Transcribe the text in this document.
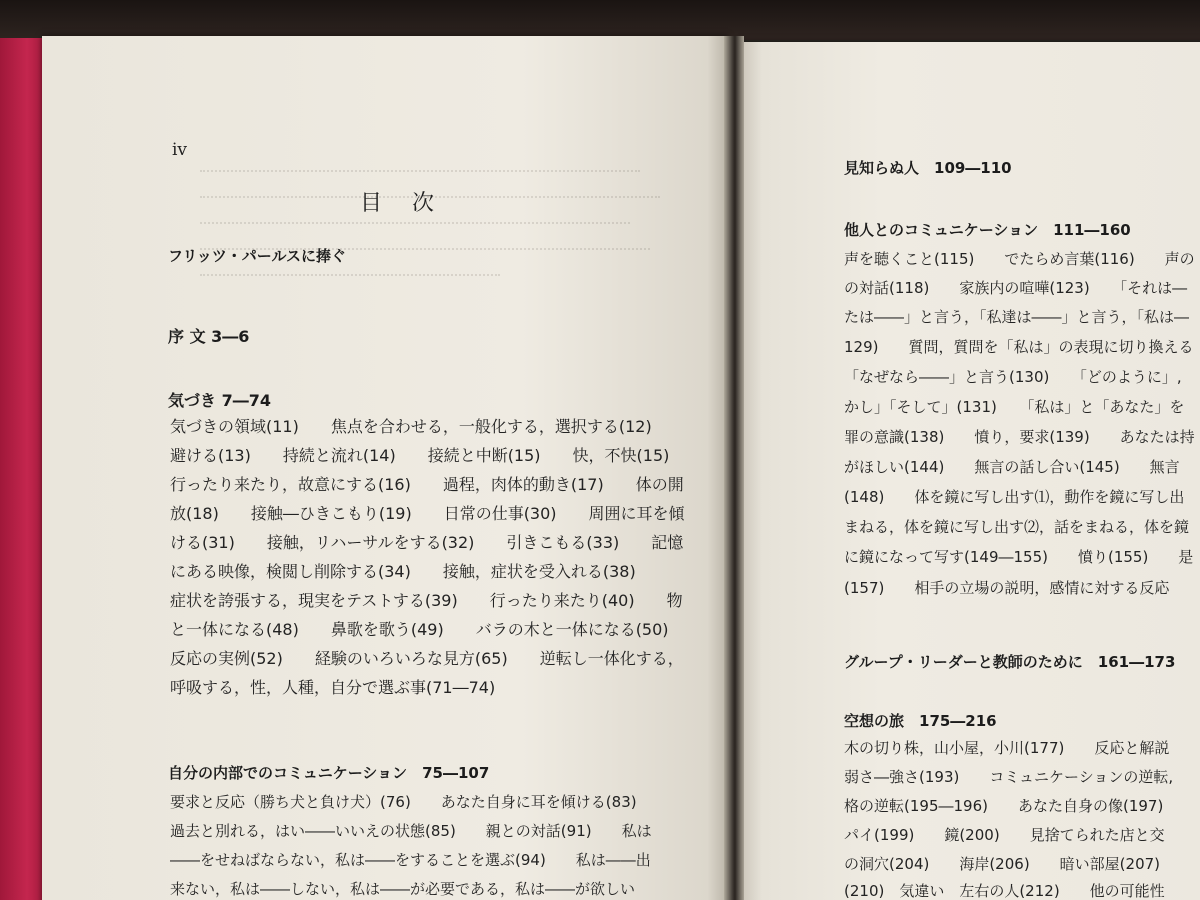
iv
目次
フリッツ・パールスに捧ぐ
序 文 3―6
気づき 7―74
気づきの領域(11)　　焦点を合わせる，一般化する，選択する(12)
避ける(13)　　持続と流れ(14)　　接続と中断(15)　　快，不快(15)
行ったり来たり，故意にする(16)　　過程，肉体的動き(17)　　体の開
放(18)　　接触―ひきこもり(19)　　日常の仕事(30)　　周囲に耳を傾
ける(31)　　接触，リハーサルをする(32)　　引きこもる(33)　　記憶
にある映像，検閲し削除する(34)　　接触，症状を受入れる(38)
症状を誇張する，現実をテストする(39)　　行ったり来たり(40)　　物
と一体になる(48)　　鼻歌を歌う(49)　　バラの木と一体になる(50)
反応の実例(52)　　経験のいろいろな見方(65)　　逆転し一体化する，
呼吸する，性，人種，自分で選ぶ事(71―74)
自分の内部でのコミュニケーション　75―107
要求と反応（勝ち犬と負け犬）(76)　　あなた自身に耳を傾ける(83)
過去と別れる，はい――いいえの状態(85)　　親との対話(91)　　私は
――をせねばならない，私は――をすることを選ぶ(94)　　私は――出
来ない，私は――しない，私は――が必要である，私は――が欲しい
見知らぬ人　109―110
他人とのコミュニケーション　111―160
声を聴くこと(115)　　でたらめ言葉(116)　　声の
の対話(118)　　家族内の喧嘩(123)　　「それは―
たは――」と言う，「私達は――」と言う，「私は―
129)　　質問，質問を「私は」の表現に切り換える
「なぜなら――」と言う(130)　　「どのように」,
かし」「そして」(131)　　「私は」と「あなた」を
罪の意識(138)　　憤り，要求(139)　　あなたは持
がほしい(144)　　無言の話し合い(145)　　無言
(148)　　体を鏡に写し出す⑴，動作を鏡に写し出
まねる，体を鏡に写し出す⑵，話をまねる，体を鏡
に鏡になって写す(149―155)　　憤り(155)　　是
(157)　　相手の立場の説明，感情に対する反応
グループ・リーダーと教師のために　161―173
空想の旅　175―216
木の切り株，山小屋，小川(177)　　反応と解説
弱さ―強さ(193)　　コミュニケーションの逆転,
格の逆転(195―196)　　あなた自身の像(197)
パイ(199)　　鏡(200)　　見捨てられた店と交
の洞穴(204)　　海岸(206)　　暗い部屋(207)
(210)　気違い　左右の人(212)　　他の可能性
